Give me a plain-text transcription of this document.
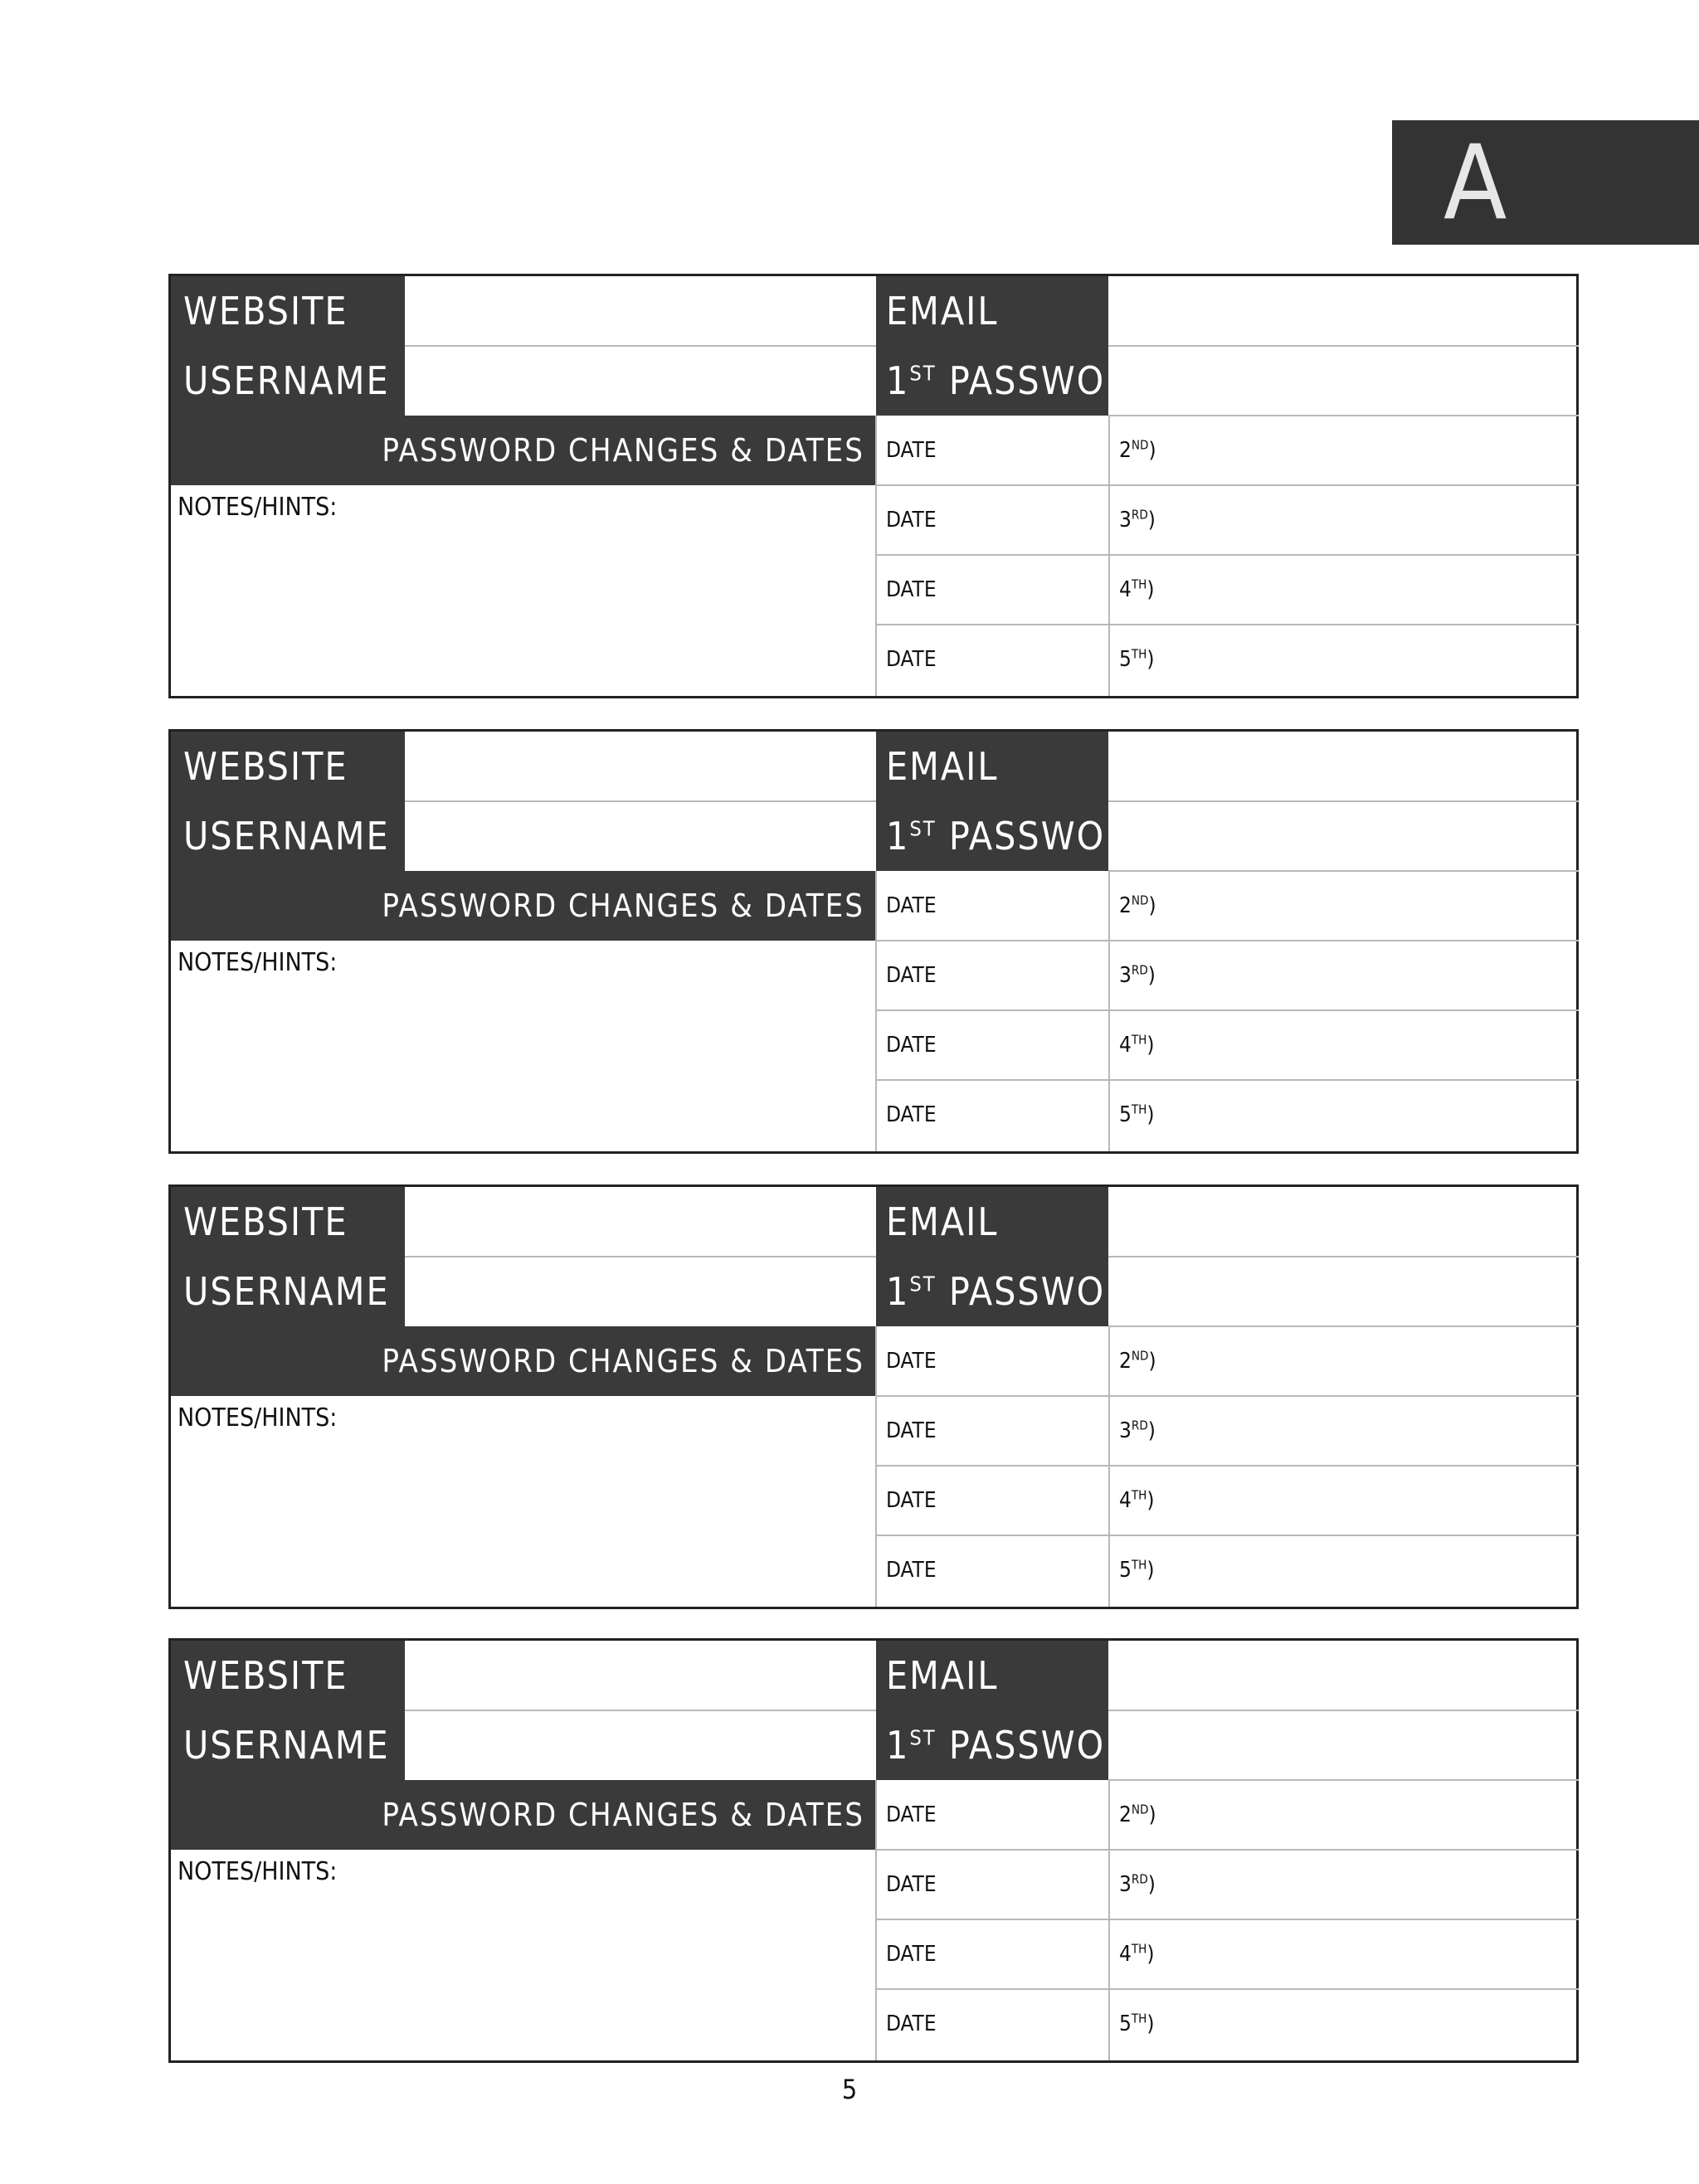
A
WEBSITE
USERNAME
EMAIL
1ST PASSWORD
PASSWORD CHANGES & DATES
NOTES/HINTS:
DATE	2ND)
DATE	3RD)
DATE	4TH)
DATE	5TH)
WEBSITE
USERNAME
EMAIL
1ST PASSWORD
PASSWORD CHANGES & DATES
NOTES/HINTS:
DATE	2ND)
DATE	3RD)
DATE	4TH)
DATE	5TH)
WEBSITE
USERNAME
EMAIL
1ST PASSWORD
PASSWORD CHANGES & DATES
NOTES/HINTS:
DATE	2ND)
DATE	3RD)
DATE	4TH)
DATE	5TH)
WEBSITE
USERNAME
EMAIL
1ST PASSWORD
PASSWORD CHANGES & DATES
NOTES/HINTS:
DATE	2ND)
DATE	3RD)
DATE	4TH)
DATE	5TH)
5
